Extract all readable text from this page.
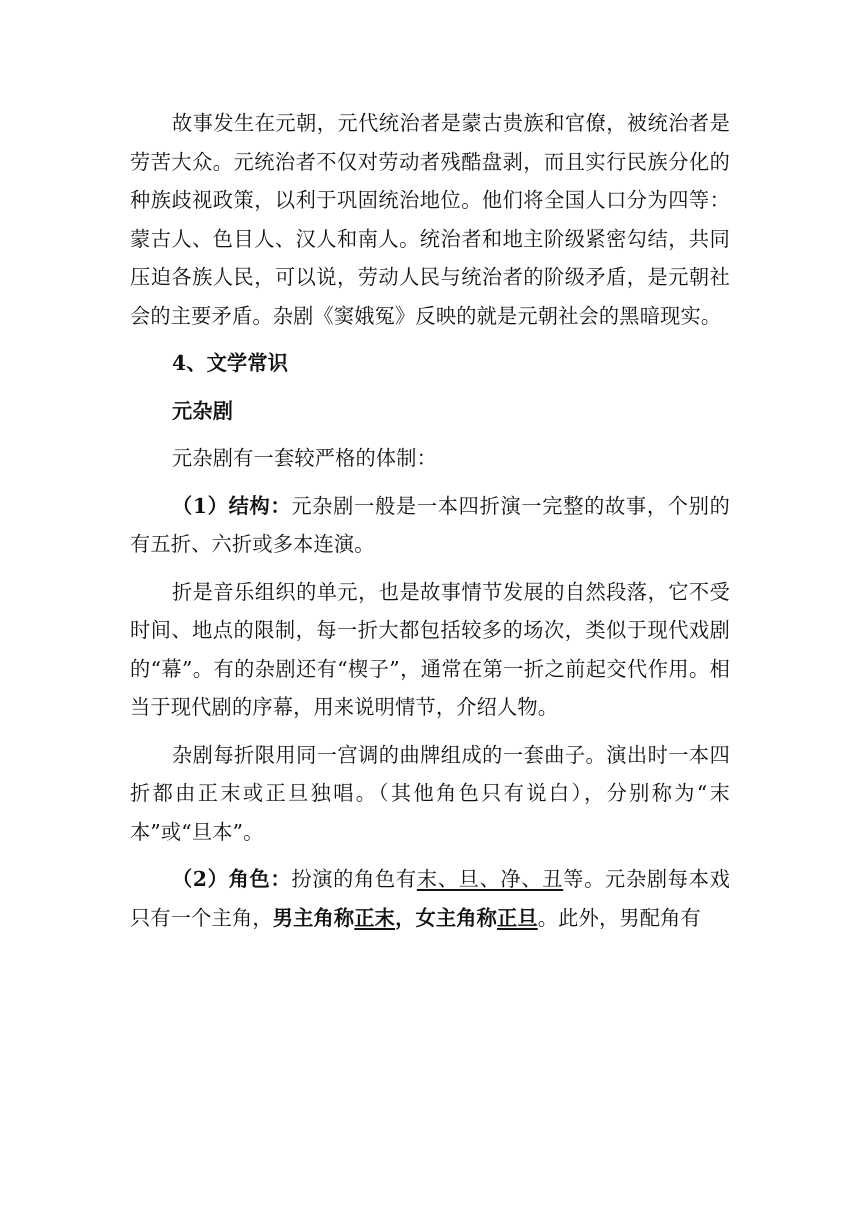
故事发生在元朝，元代统治者是蒙古贵族和官僚，被统治者是劳苦大众。元统治者不仅对劳动者残酷盘剥，而且实行民族分化的种族歧视政策，以利于巩固统治地位。他们将全国人口分为四等：蒙古人、色目人、汉人和南人。统治者和地主阶级紧密勾结，共同压迫各族人民，可以说，劳动人民与统治者的阶级矛盾，是元朝社会的主要矛盾。杂剧《窦娥冤》反映的就是元朝社会的黑暗现实。

4、文学常识

元杂剧

元杂剧有一套较严格的体制：

（1）结构：元杂剧一般是一本四折演一完整的故事，个别的有五折、六折或多本连演。

折是音乐组织的单元，也是故事情节发展的自然段落，它不受时间、地点的限制，每一折大都包括较多的场次，类似于现代戏剧的“幕”。有的杂剧还有“楔子”，通常在第一折之前起交代作用。相当于现代剧的序幕，用来说明情节，介绍人物。

杂剧每折限用同一宫调的曲牌组成的一套曲子。演出时一本四折都由正末或正旦独唱。（其他角色只有说白），分别称为“末本”或“旦本”。

（2）角色：扮演的角色有末、旦、净、丑等。元杂剧每本戏只有一个主角，男主角称正末，女主角称正旦。此外，男配角有
